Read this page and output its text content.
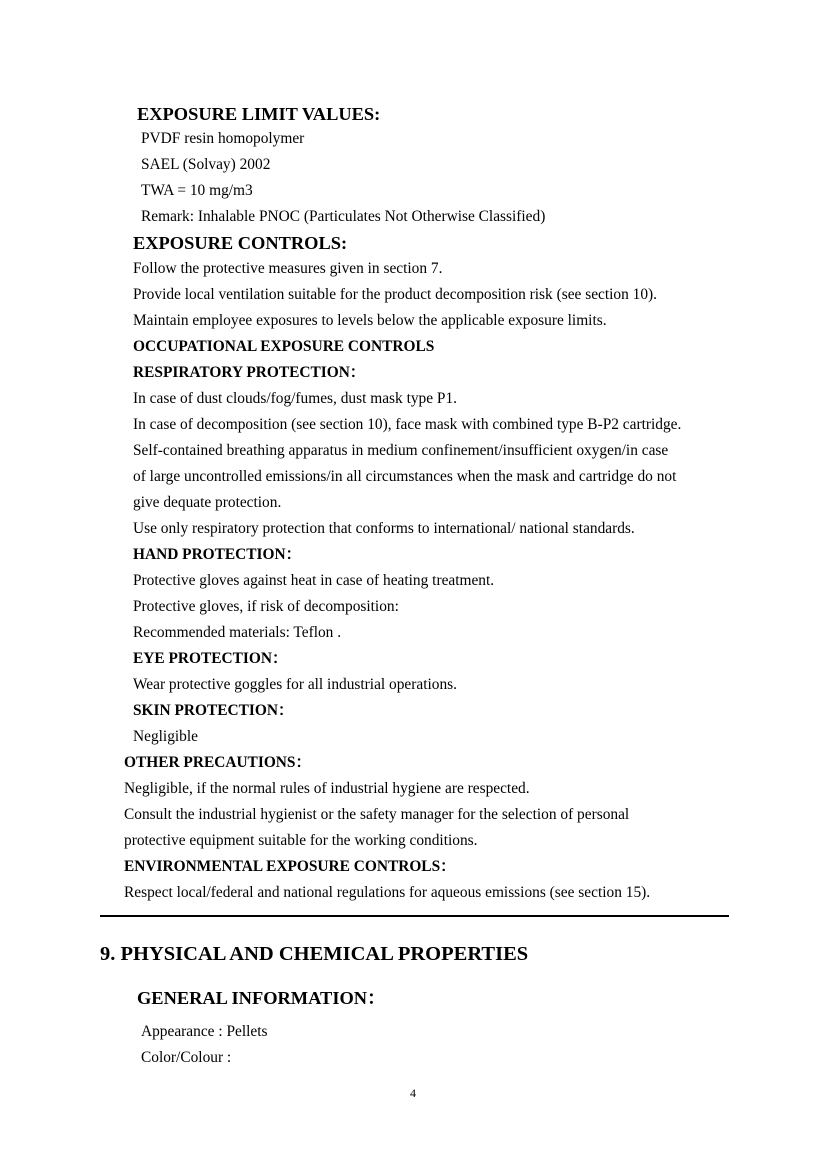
EXPOSURE LIMIT VALUES:
PVDF resin homopolymer
SAEL (Solvay) 2002
TWA = 10 mg/m3
Remark: Inhalable PNOC (Particulates Not Otherwise Classified)
EXPOSURE CONTROLS:
Follow the protective measures given in section 7.
Provide local ventilation suitable for the product decomposition risk (see section 10).
Maintain employee exposures to levels below the applicable exposure limits.
OCCUPATIONAL EXPOSURE CONTROLS
RESPIRATORY PROTECTION：
In case of dust clouds/fog/fumes, dust mask type P1.
In case of decomposition (see section 10), face mask with combined type B-P2 cartridge.
Self-contained breathing apparatus in medium confinement/insufficient oxygen/in case
of large uncontrolled emissions/in all circumstances when the mask and cartridge do not
give dequate protection.
Use only respiratory protection that conforms to international/ national standards.
HAND PROTECTION：
Protective gloves against heat in case of heating treatment.
Protective gloves, if risk of decomposition:
Recommended materials: Teflon .
EYE PROTECTION：
Wear protective goggles for all industrial operations.
SKIN PROTECTION：
Negligible
OTHER PRECAUTIONS：
Negligible, if the normal rules of industrial hygiene are respected.
Consult the industrial hygienist or the safety manager for the selection of personal
protective equipment suitable for the working conditions.
ENVIRONMENTAL EXPOSURE CONTROLS：
Respect local/federal and national regulations for aqueous emissions (see section 15).
9. PHYSICAL AND CHEMICAL PROPERTIES
GENERAL INFORMATION：
Appearance : Pellets
Color/Colour :
4
